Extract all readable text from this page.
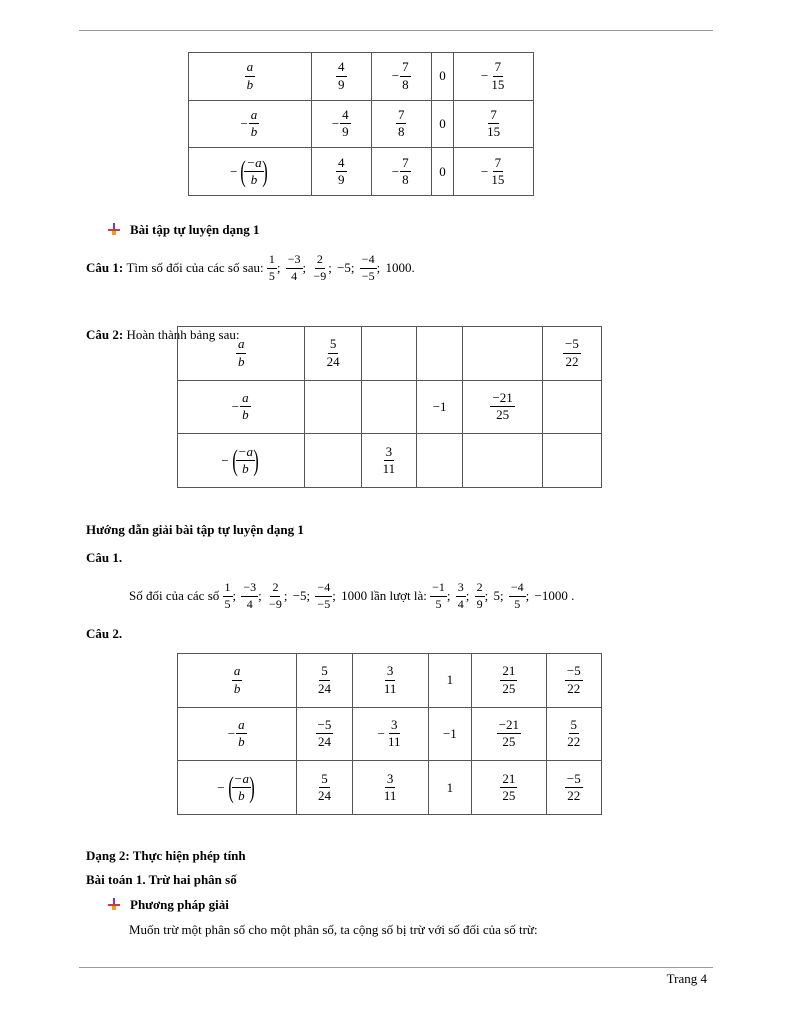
$\frac{a}{b}$	$\frac{4}{9}$	− $\frac{7}{8}$	0	− $\frac{7}{15}$

− $\frac{a}{b}$	− $\frac{4}{9}$	$\frac{7}{8}$	0	$\frac{7}{15}$

− ( −a
b )	$\frac{4}{9}$	− $\frac{7}{8}$	0	− $\frac{7}{15}$
Bài tập tự luyện dạng 1
Câu 1:
Tìm số đối của các số sau:

1
5
;
−3
4
;
2
−9
; −5 ;
−4
−5
; 1000.
Câu 2:
Hoàn thành bảng sau:
$\frac{a}{b}$	$\frac{5}{24}$				$\frac{-5}{22}$

− $\frac{a}{b}$			−1	$\frac{-21}{25}$

− ( −a
b )		$\frac{3}{11}$

Hướng dẫn giải bài tập tự luyện dạng 1
Câu 1.
Số đối của các số

1
5
;
−3
4
;
2
−9
; −5 ;
−4
−5
; 1000 lần lượt là:

−1
5
;
3
4
;
2
9
; 5 ;
−4
5
; −1000 .
Câu 2.
$\frac{a}{b}$	$\frac{5}{24}$	$\frac{3}{11}$	1	$\frac{21}{25}$	$\frac{-5}{22}$

− $\frac{a}{b}$	$\frac{-5}{24}$	− $\frac{3}{11}$	−1	$\frac{-21}{25}$	$\frac{5}{22}$

− ( −a
b )	$\frac{5}{24}$	$\frac{3}{11}$	1	$\frac{21}{25}$	$\frac{-5}{22}$
Dạng 2: Thực hiện phép tính
Bài toán 1. Trừ hai phân số
Phương pháp giải
Muốn trừ một phân số cho một phân số, ta cộng số bị trừ với số đối của số trừ:
Trang 4
